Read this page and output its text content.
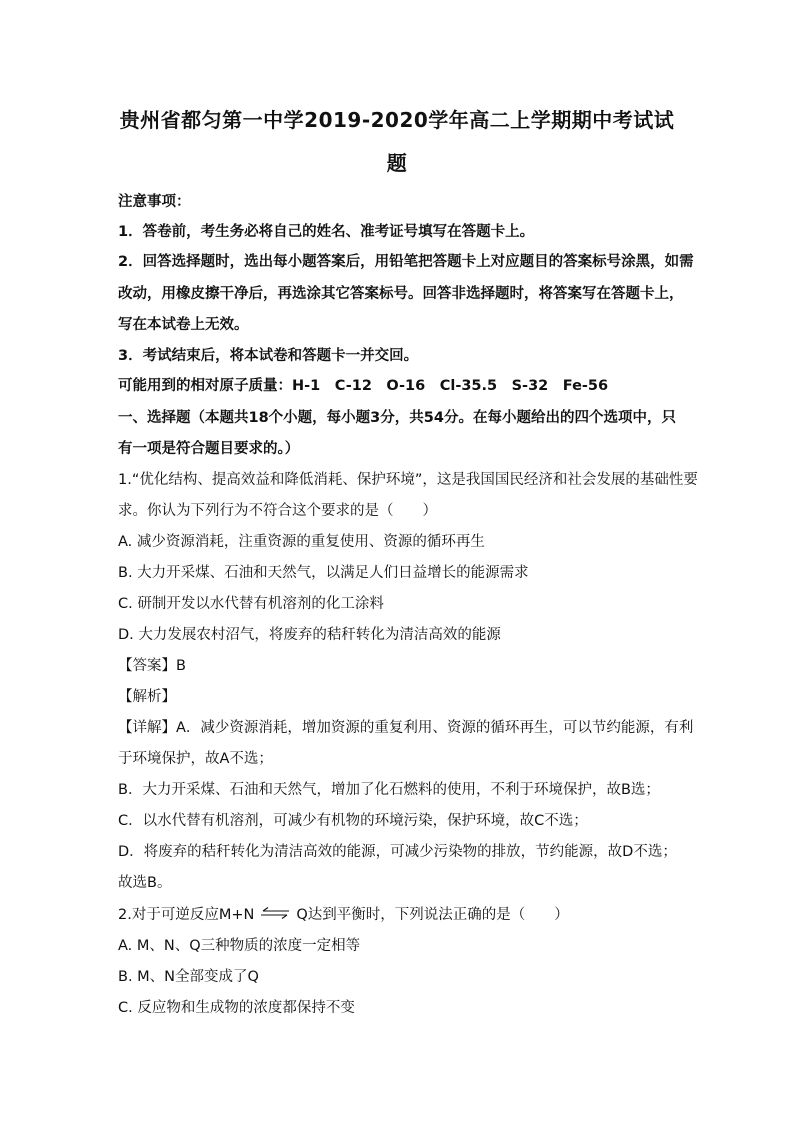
贵州省都匀第一中学2019-2020学年高二上学期期中考试试
题
注意事项：
1．答卷前，考生务必将自己的姓名、准考证号填写在答题卡上。
2．回答选择题时，选出每小题答案后，用铅笔把答题卡上对应题目的答案标号涂黑，如需
改动，用橡皮擦干净后，再选涂其它答案标号。回答非选择题时，将答案写在答题卡上，
写在本试卷上无效。
3．考试结束后，将本试卷和答题卡一并交回。
可能用到的相对原子质量：H-1　C-12　O-16　Cl-35.5　S-32　Fe-56
一、选择题（本题共18个小题，每小题3分，共54分。在每小题给出的四个选项中，只
有一项是符合题目要求的。）
1.“优化结构、提高效益和降低消耗、保护环境”，这是我国国民经济和社会发展的基础性要
求。你认为下列行为不符合这个要求的是（　　）
A. 减少资源消耗，注重资源的重复使用、资源的循环再生
B. 大力开采煤、石油和天然气，以满足人们日益增长的能源需求
C. 研制开发以水代替有机溶剂的化工涂料
D. 大力发展农村沼气，将废弃的秸秆转化为清洁高效的能源
【答案】B
【解析】
【详解】A．减少资源消耗，增加资源的重复利用、资源的循环再生，可以节约能源，有利
于环境保护，故A不选；
B．大力开采煤、石油和天然气，增加了化石燃料的使用，不利于环境保护，故B选；
C．以水代替有机溶剂，可减少有机物的环境污染，保护环境，故C不选；
D．将废弃的秸秆转化为清洁高效的能源，可减少污染物的排放，节约能源，故D不选；
故选B。
2.对于可逆反应M+N ⇌ Q达到平衡时，下列说法正确的是（　　）
A. M、N、Q三种物质的浓度一定相等
B. M、N全部变成了Q
C. 反应物和生成物的浓度都保持不变
